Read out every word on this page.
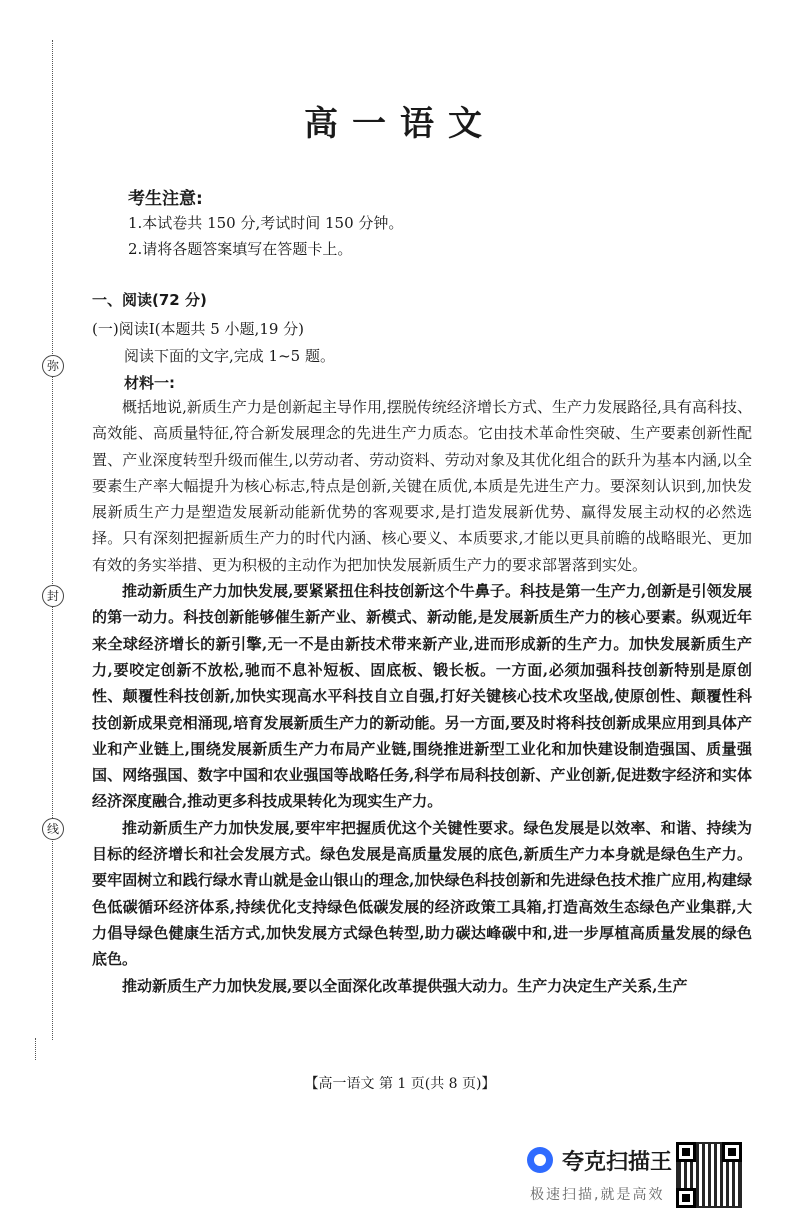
弥
封
线
高一语文
考生注意:
1.本试卷共 150 分,考试时间 150 分钟。
2.请将各题答案填写在答题卡上。
一、阅读(72 分)
(一)阅读Ⅰ(本题共 5 小题,19 分)
阅读下面的文字,完成 1~5 题。
材料一:

概括地说,新质生产力是创新起主导作用,摆脱传统经济增长方式、生产力发展路径,具有高科技、高效能、高质量特征,符合新发展理念的先进生产力质态。它由技术革命性突破、生产要素创新性配置、产业深度转型升级而催生,以劳动者、劳动资料、劳动对象及其优化组合的跃升为基本内涵,以全要素生产率大幅提升为核心标志,特点是创新,关键在质优,本质是先进生产力。要深刻认识到,加快发展新质生产力是塑造发展新动能新优势的客观要求,是打造发展新优势、赢得发展主动权的必然选择。只有深刻把握新质生产力的时代内涵、核心要义、本质要求,才能以更具前瞻的战略眼光、更加有效的务实举措、更为积极的主动作为把加快发展新质生产力的要求部署落到实处。

推动新质生产力加快发展,要紧紧扭住科技创新这个牛鼻子。科技是第一生产力,创新是引领发展的第一动力。科技创新能够催生新产业、新模式、新动能,是发展新质生产力的核心要素。纵观近年来全球经济增长的新引擎,无一不是由新技术带来新产业,进而形成新的生产力。加快发展新质生产力,要咬定创新不放松,驰而不息补短板、固底板、锻长板。一方面,必须加强科技创新特别是原创性、颠覆性科技创新,加快实现高水平科技自立自强,打好关键核心技术攻坚战,使原创性、颠覆性科技创新成果竞相涌现,培育发展新质生产力的新动能。另一方面,要及时将科技创新成果应用到具体产业和产业链上,围绕发展新质生产力布局产业链,围绕推进新型工业化和加快建设制造强国、质量强国、网络强国、数字中国和农业强国等战略任务,科学布局科技创新、产业创新,促进数字经济和实体经济深度融合,推动更多科技成果转化为现实生产力。

推动新质生产力加快发展,要牢牢把握质优这个关键性要求。绿色发展是以效率、和谐、持续为目标的经济增长和社会发展方式。绿色发展是高质量发展的底色,新质生产力本身就是绿色生产力。要牢固树立和践行绿水青山就是金山银山的理念,加快绿色科技创新和先进绿色技术推广应用,构建绿色低碳循环经济体系,持续优化支持绿色低碳发展的经济政策工具箱,打造高效生态绿色产业集群,大力倡导绿色健康生活方式,加快发展方式绿色转型,助力碳达峰碳中和,进一步厚植高质量发展的绿色底色。

推动新质生产力加快发展,要以全面深化改革提供强大动力。生产力决定生产关系,生产

【高一语文 第 1 页(共 8 页)】
夸克扫描王
极速扫描,就是高效
